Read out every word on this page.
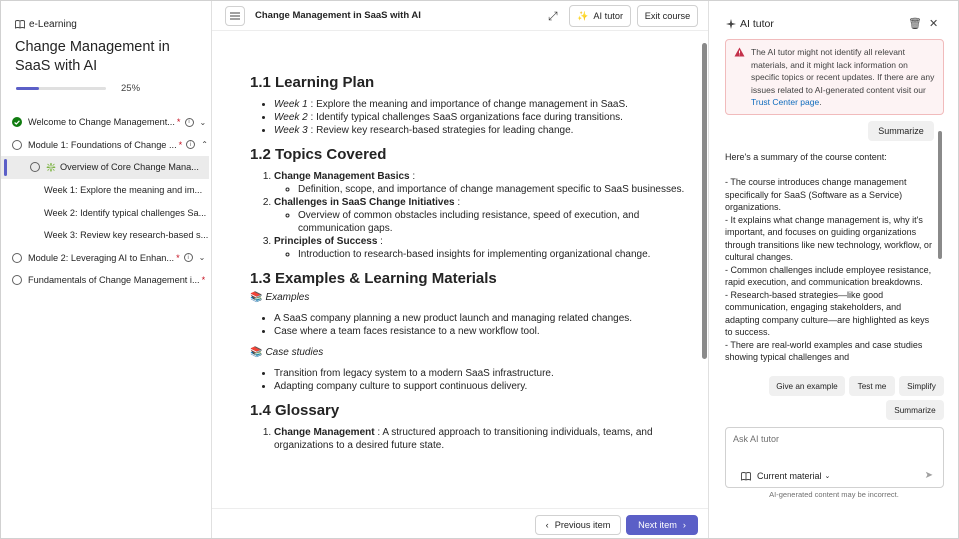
e-Learning
Change Management in SaaS with AI
25%
Welcome to Change Management... *	i	⌄
Module 1: Foundations of Change ... *	i	⌃
❇️ Overview of Core Change Mana...
Week 1: Explore the meaning and im...
Week 2: Identify typical challenges Sa...
Week 3: Review key research-based s...
Module 2: Leveraging AI to Enhan... *	i	⌄
Fundamentals of Change Management i... *
Change Management in SaaS with AI	⤢ ✨ AI tutor	Exit course
1.1 Learning Plan
• Week 1 : Explore the meaning and importance of change management in SaaS.
• Week 2 : Identify typical challenges SaaS organizations face during transitions.
• Week 3 : Review key research-based strategies for leading change.
1.2 Topics Covered
1. Change Management Basics :
◦ Definition, scope, and importance of change management specific to SaaS businesses.
2. Challenges in SaaS Change Initiatives :
◦ Overview of common obstacles including resistance, speed of execution, and communication gaps.
3. Principles of Success :
◦ Introduction to research-based insights for implementing organizational change.
1.3 Examples & Learning Materials
📚 Examples
• A SaaS company planning a new product launch and managing related changes.
• Case where a team faces resistance to a new workflow tool.
📚 Case studies
• Transition from legacy system to a modern SaaS infrastructure.
• Adapting company culture to support continuous delivery.
1.4 Glossary
1. Change Management : A structured approach to transitioning individuals, teams, and organizations to a desired future state.
‹ Previous item	Next item ›
AI tutor	🗑 ✕
The AI tutor might not identify all relevant materials, and it might lack information on specific topics or recent updates. If there are any issues related to AI-generated content visit our Trust Center page.
Summarize

Here's a summary of the course content:

- The course introduces change management specifically for SaaS (Software as a Service) organizations.
- It explains what change management is, why it's important, and focuses on guiding organizations through transitions like new technology, workflow, or cultural changes.
- Common challenges include employee resistance, rapid execution, and communication breakdowns.
- Research-based strategies—like good communication, engaging stakeholders, and adapting company culture—are highlighted as keys to success.
- There are real-world examples and case studies showing typical challenges and

Give an example	Test me	Simplify
Summarize
Ask AI tutor
Current material ⌄	➤
AI-generated content may be incorrect.
